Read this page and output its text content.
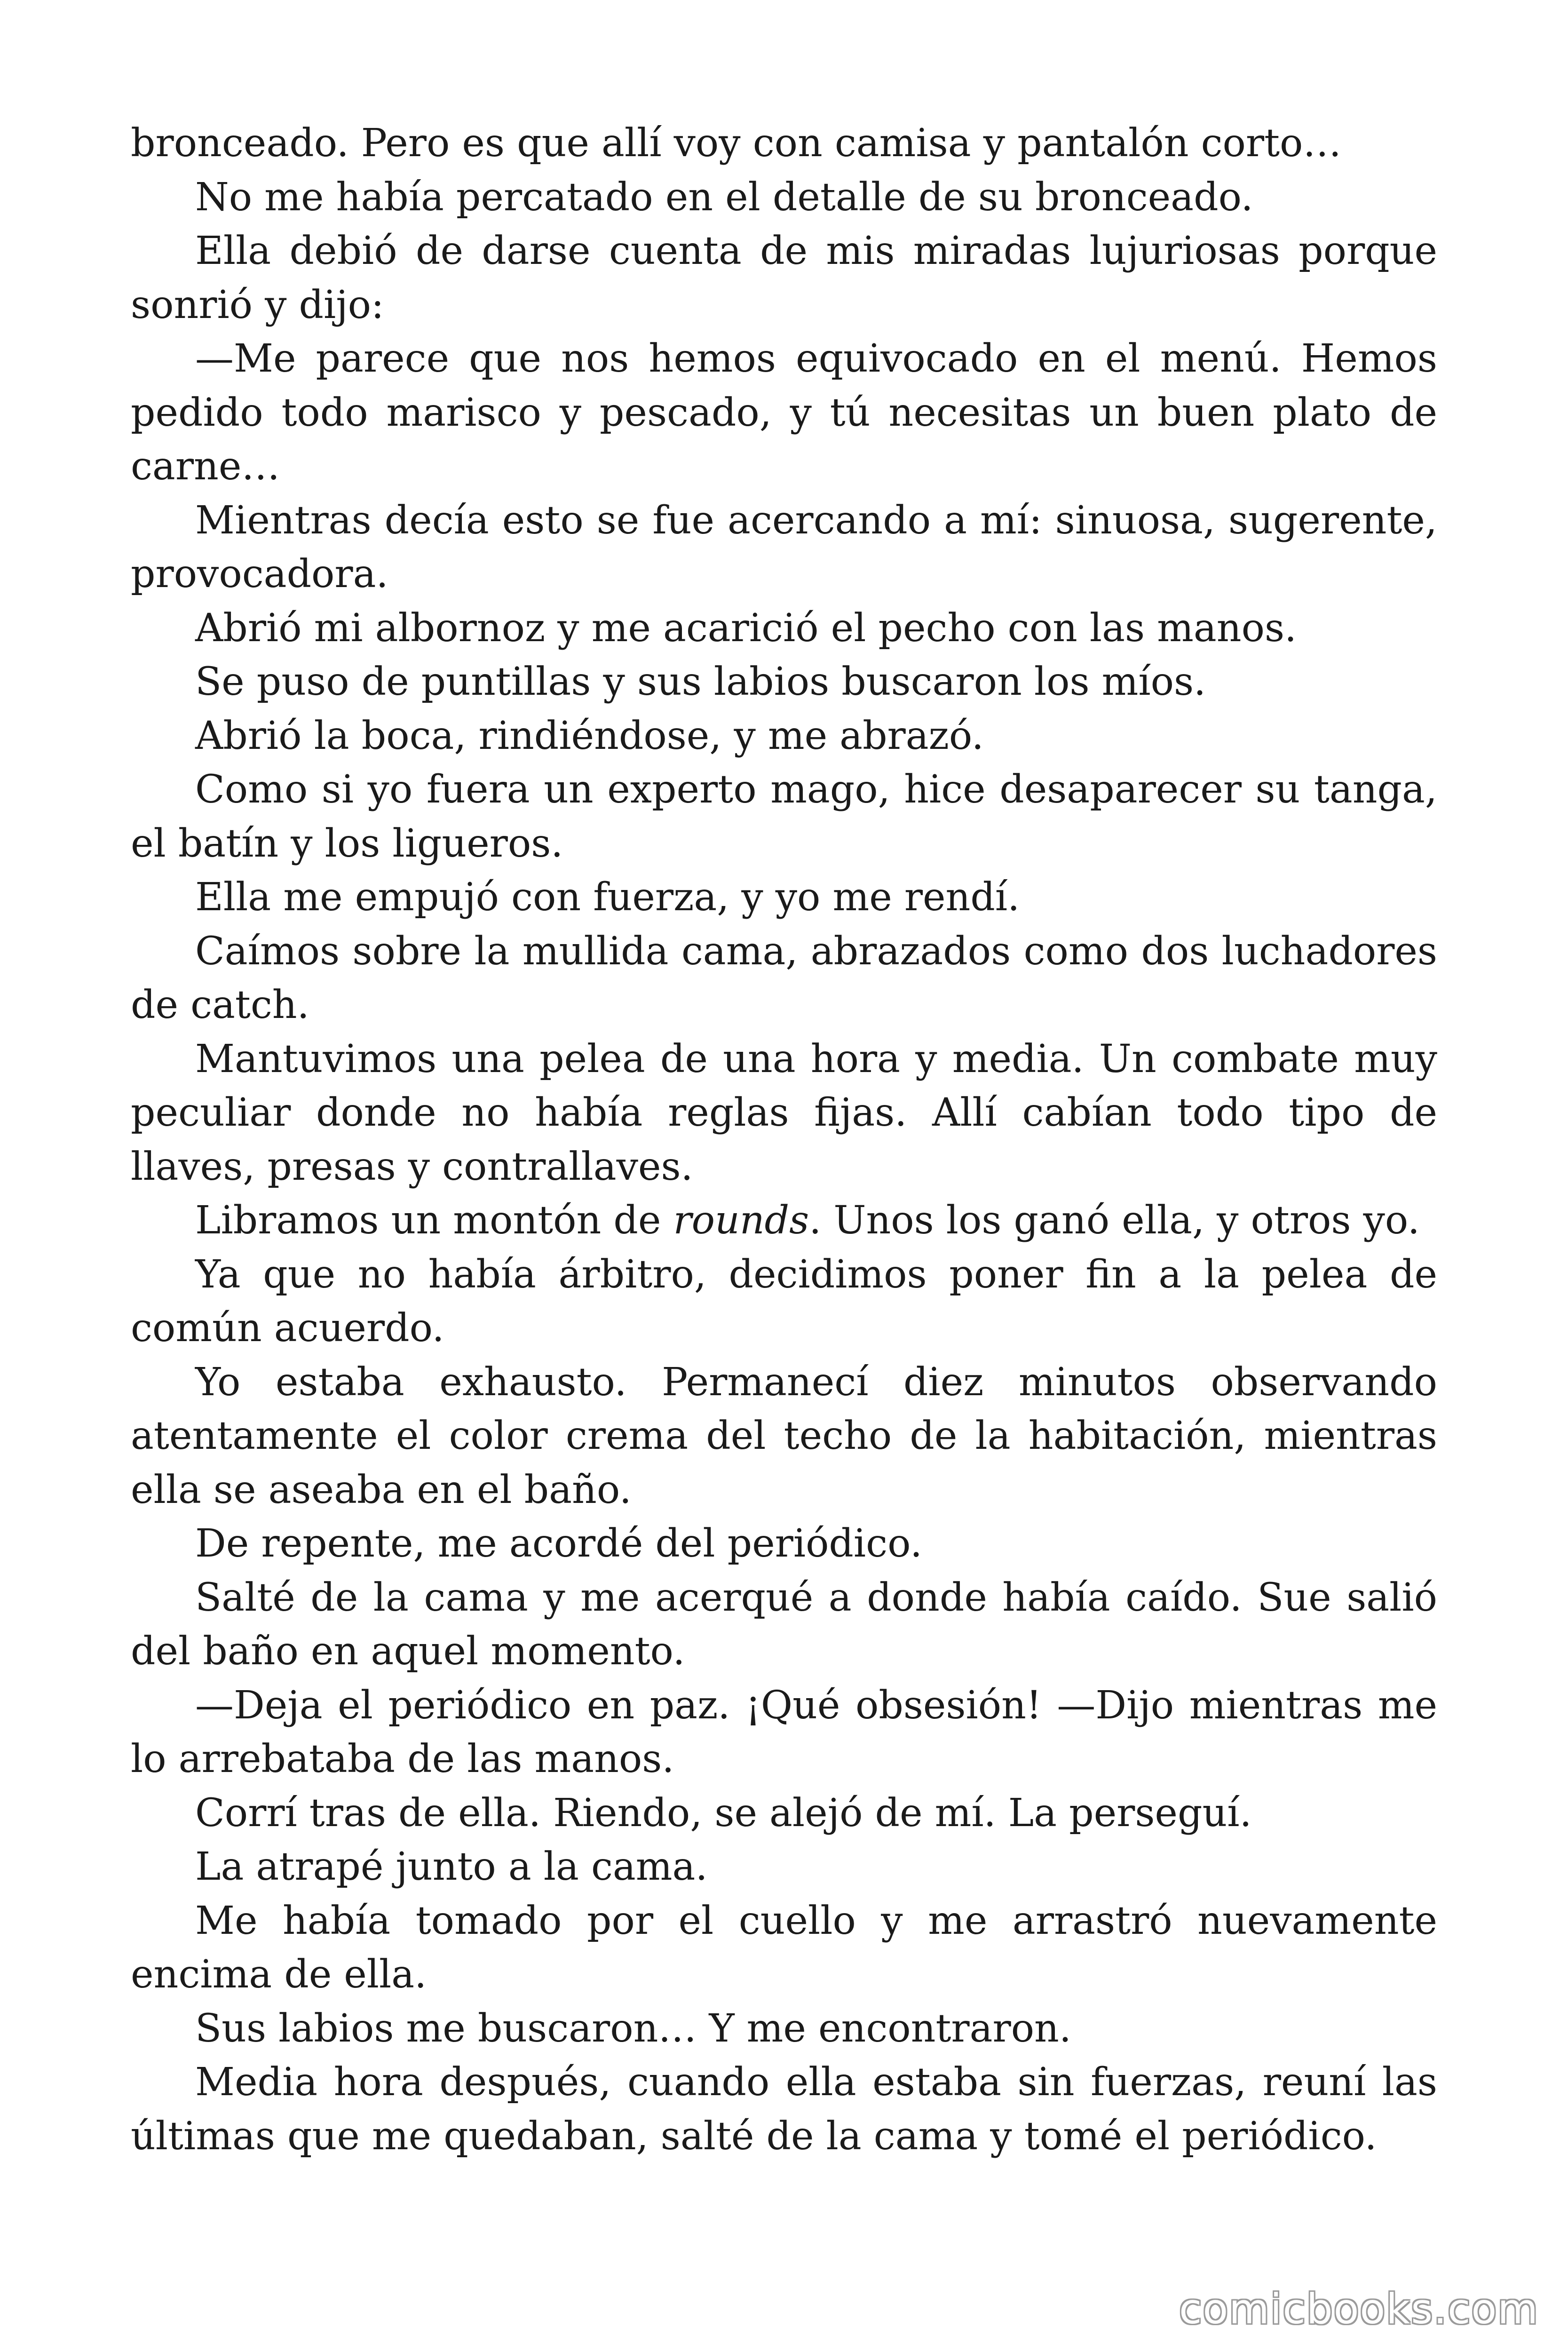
bronceado. Pero es que allí voy con camisa y pantalón corto…

No me había percatado en el detalle de su bronceado.

Ella debió de darse cuenta de mis miradas lujuriosas porque sonrió y dijo:

—Me parece que nos hemos equivocado en el menú. Hemos pedido todo marisco y pescado, y tú necesitas un buen plato de carne…

Mientras decía esto se fue acercando a mí: sinuosa, sugerente, provocadora.

Abrió mi albornoz y me acarició el pecho con las manos.

Se puso de puntillas y sus labios buscaron los míos.

Abrió la boca, rindiéndose, y me abrazó.

Como si yo fuera un experto mago, hice desaparecer su tanga, el batín y los ligueros.

Ella me empujó con fuerza, y yo me rendí.

Caímos sobre la mullida cama, abrazados como dos luchadores de catch.

Mantuvimos una pelea de una hora y media. Un combate muy peculiar donde no había reglas fijas. Allí cabían todo tipo de llaves, presas y contrallaves.

Libramos un montón de rounds. Unos los ganó ella, y otros yo.

Ya que no había árbitro, decidimos poner fin a la pelea de común acuerdo.

Yo estaba exhausto. Permanecí diez minutos observando atentamente el color crema del techo de la habitación, mientras ella se aseaba en el baño.

De repente, me acordé del periódico.

Salté de la cama y me acerqué a donde había caído. Sue salió del baño en aquel momento.

—Deja el periódico en paz. ¡Qué obsesión! —Dijo mientras me lo arrebataba de las manos.

Corrí tras de ella. Riendo, se alejó de mí. La perseguí.

La atrapé junto a la cama.

Me había tomado por el cuello y me arrastró nuevamente encima de ella.

Sus labios me buscaron… Y me encontraron.

Media hora después, cuando ella estaba sin fuerzas, reuní las últimas que me quedaban, salté de la cama y tomé el periódico.

comicbooks.com
